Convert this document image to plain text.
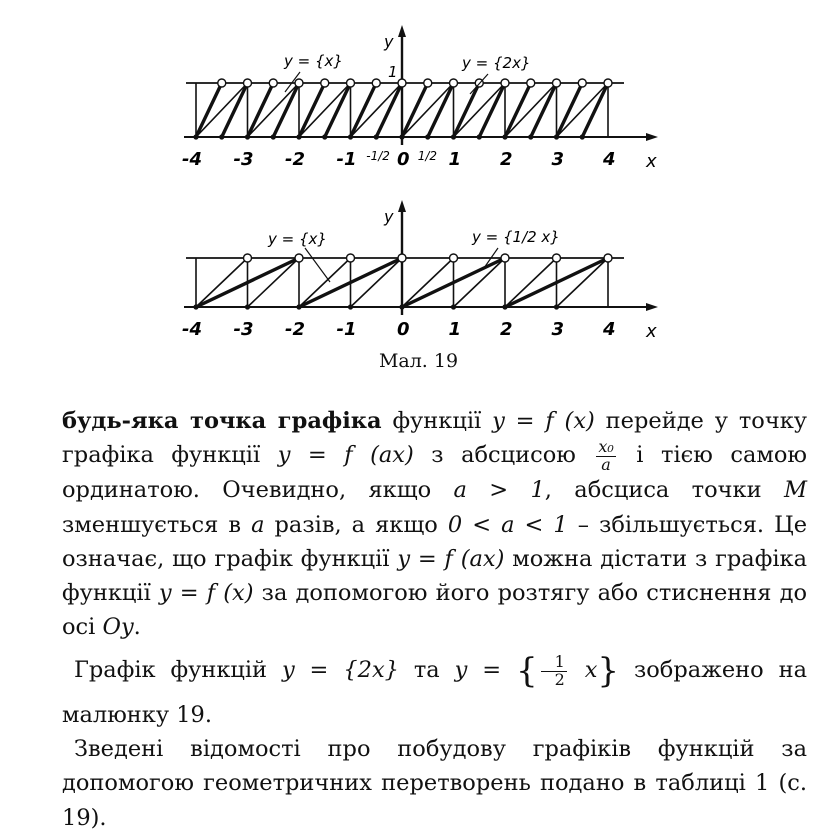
y
x
-4 -3 -2 -1 0 1 2 3 4
-1/2 1/2
1
y
x
-4 -3 -2 -1 0 1 2 3 4
y = {x}	y = {2x}
y = {x}	y = {1/2 x}
Мал. 19

будь-яка точка графіка функції y = f (x) перейде у точку графіка функції y = f (ax) з абсцисою $\frac{\text{x₀}}{a}$ і тією самою ординатою. Очевидно, якщо a > 1, абсциса точки M зменшується в a разів, а якщо 0 < a < 1 – збільшується. Це означає, що графік функції y = f (ax) можна дістати з графіка функції y = f (x) за допомогою його розтягу або стиснення до осі Oy.

Графік функцій y = {2x} та y = { $\frac{1}{2} x$} зображено на малюнку 19.

Зведені відомості про побудову графіків функцій за допомогою геометричних перетворень подано в таблиці 1 (с. 19).
